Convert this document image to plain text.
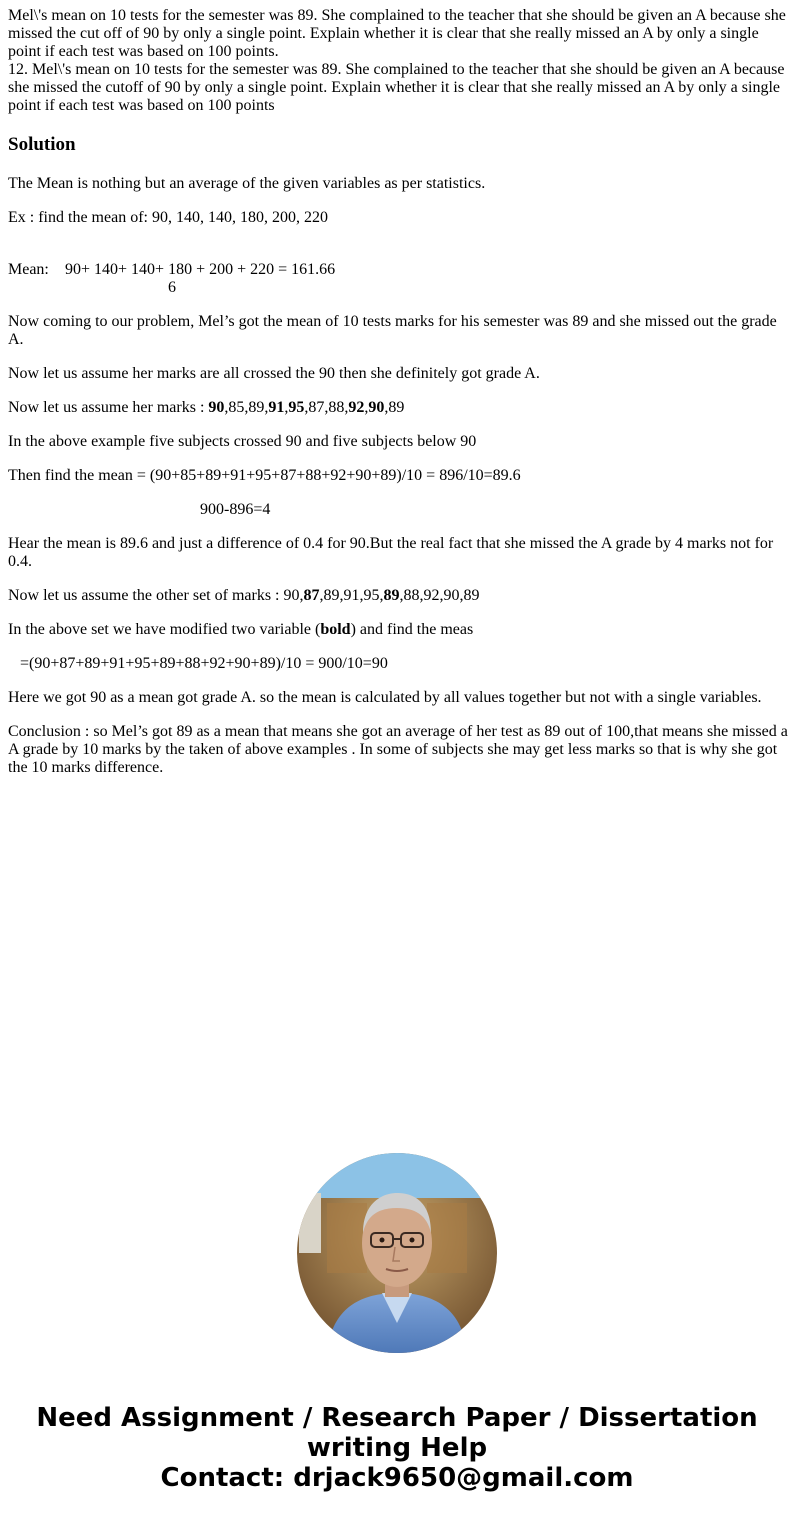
Mel\'s mean on 10 tests for the semester was 89. She complained to the teacher that she should be given an A because she missed the cut off of 90 by only a single point. Explain whether it is clear that she really missed an A by only a single point if each test was based on 100 points.

12. Mel\'s mean on 10 tests for the semester was 89. She complained to the teacher that she should be given an A because she missed the cutoff of 90 by only a single point. Explain whether it is clear that she really missed an A by only a single point if each test was based on 100 points

Solution

The Mean is nothing but an average of the given variables as per statistics.

Ex : find the mean of: 90, 140, 140, 180, 200, 220

Mean: 90+ 140+ 140+ 180 + 200 + 220 = 161.66
6

Now coming to our problem, Mel’s got the mean of 10 tests marks for his semester was 89 and she missed out the grade A.

Now let us assume her marks are all crossed the 90 then she definitely got grade A.

Now let us assume her marks : 90,85,89,91,95,87,88,92,90,89

In the above example five subjects crossed 90 and five subjects below 90

Then find the mean = (90+85+89+91+95+87+88+92+90+89)/10 = 896/10=89.6

900-896=4

Hear the mean is 89.6 and just a difference of 0.4 for 90.But the real fact that she missed the A grade by 4 marks not for 0.4.

Now let us assume the other set of marks : 90,87,89,91,95,89,88,92,90,89

In the above set we have modified two variable (bold) and find the meas

=(90+87+89+91+95+89+88+92+90+89)/10 = 900/10=90

Here we got 90 as a mean got grade A. so the mean is calculated by all values together but not with a single variables.

Conclusion : so Mel’s got 89 as a mean that means she got an average of her test as 89 out of 100,that means she missed a A grade by 10 marks by the taken of above examples . In some of subjects she may get less marks so that is why she got the 10 marks difference.

Need Assignment / Research Paper / Dissertation
writing Help
Contact: drjack9650@gmail.com
